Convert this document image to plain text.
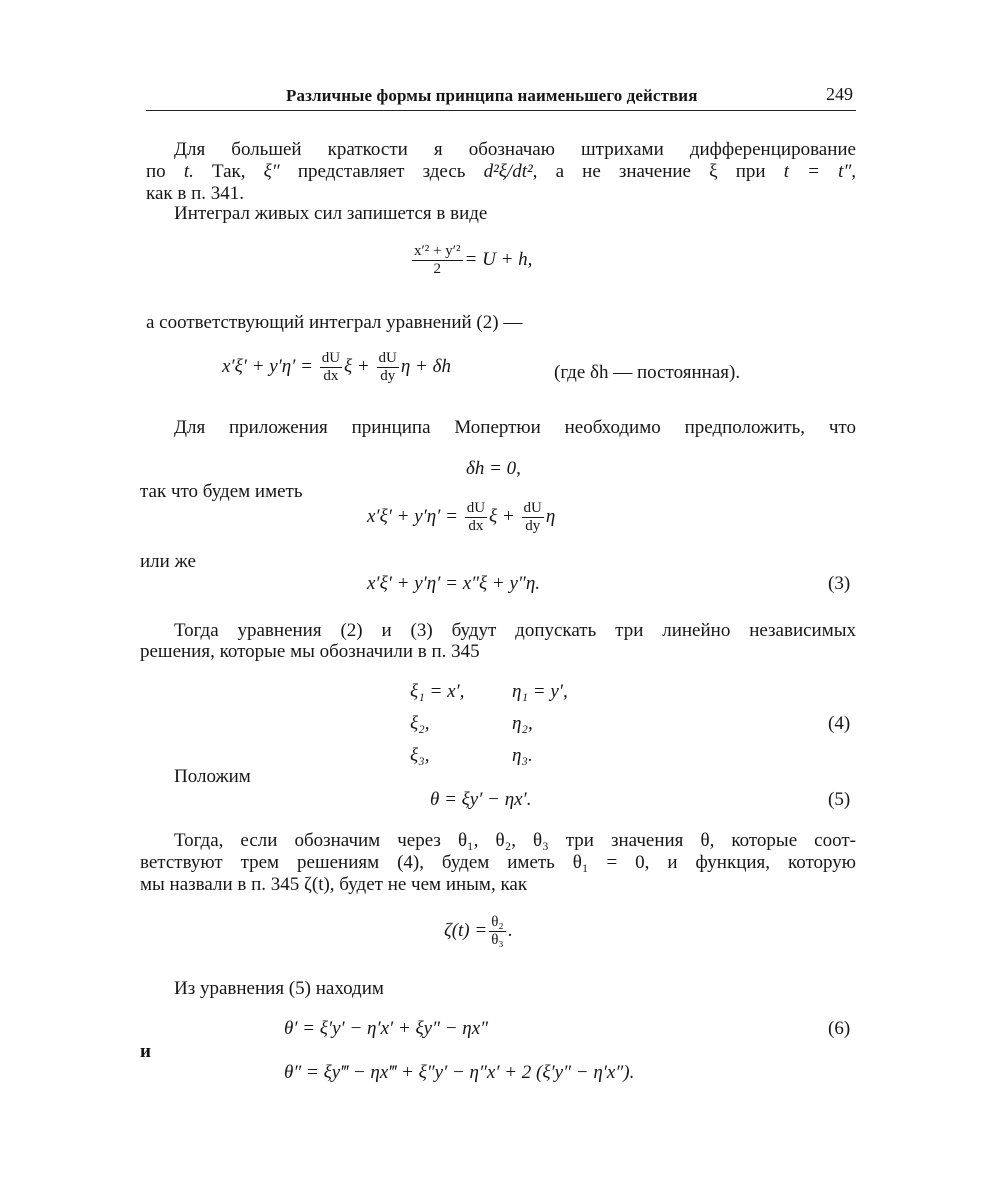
Различные формы принципа наименьшего действия	249
Для большей краткости я обозначаю штрихами дифференцирование
по t. Так, ξ″ представляет здесь d²ξ/dt², а не значение ξ при t = t″,
как в п. 341.
Интеграл живых сил запишется в виде
$\frac{\text{x′² + y′²}}{2} = U + h$,
а соответствующий интеграл уравнений (2) —
$x'\xi' + y'\eta' = \frac{dU}{dx}$ $\xi + \frac{dU}{dy}$ η + δh	(где δh — постоянная).
Для приложения принципа Мопертюи необходимо предположить, что
δh = 0,
так что будем иметь
$x'\xi' + y'\eta' = \frac{dU}{dx}$ $\xi + \frac{dU}{dy}$ η
или же
x′ξ′ + y′η′ = x″ξ + y″η.	(3)
Тогда уравнения (2) и (3) будут допускать три линейно независимых
решения, которые мы обозначили в п. 345
ξ₁ = x′,	η₁ = y′,
ξ₂,	η₂,
ξ₃,	η₃.
(4)
Положим
θ = ξy′ − ηx′.	(5)
Тогда, если обозначим через θ₁, θ₂, θ₃ три значения θ, которые соот-
ветствуют трем решениям (4), будем иметь θ₁ = 0, и функция, которую
мы назвали в п. 345 ζ(t), будет не чем иным, как
$\zeta(t) = \frac{\text{θ₂}}{\text{θ₃}}$ .
Из уравнения (5) находим
θ′ = ξ′y′ − η′x′ + ξy″ − ηx″	(6)
и
θ″ = ξy‴ − ηx‴ + ξ″y′ − η″x′ + 2 (ξ′y″ − η′x″).
